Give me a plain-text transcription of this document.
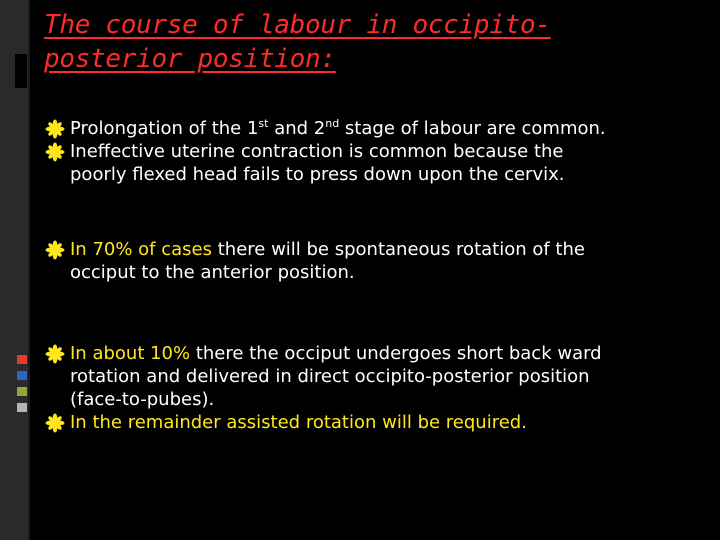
The course of labour in occipito-
posterior position:
Prolongation of the 1st and 2nd stage of labour are common.
Ineffective uterine contraction is common because the
poorly flexed head fails to press down upon the cervix.
In 70% of cases there will be spontaneous rotation of the
occiput to the anterior position.
In about 10% there the occiput undergoes short back ward
rotation and delivered in direct occipito-posterior position
(face-to-pubes).
In the remainder assisted rotation will be required.
